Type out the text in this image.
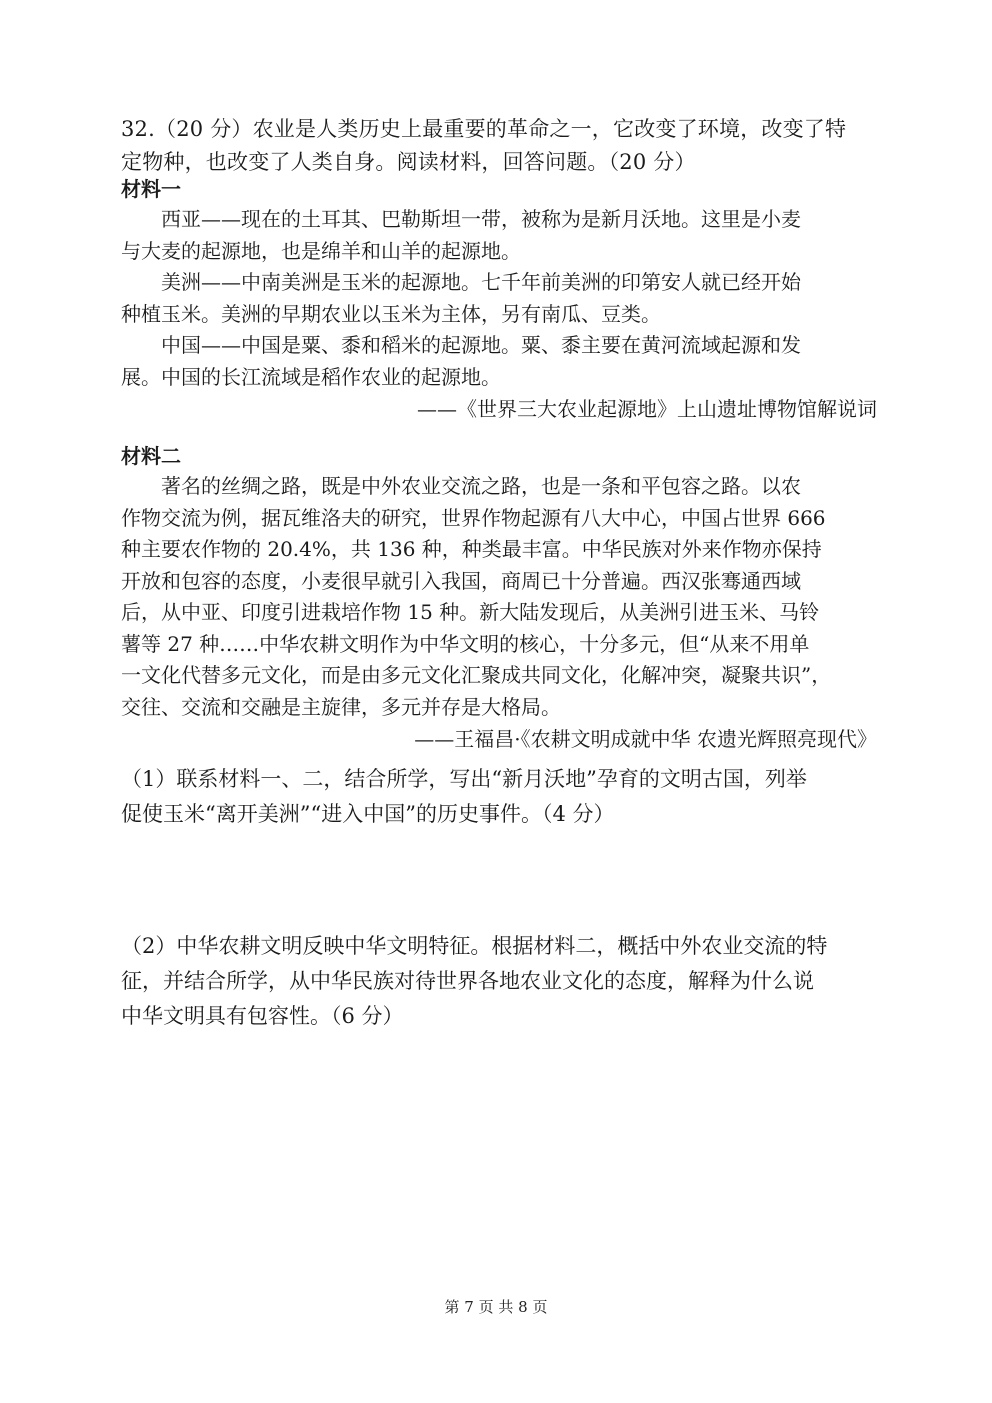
32.（20 分）农业是人类历史上最重要的革命之一，它改变了环境，改变了特
定物种，也改变了人类自身。阅读材料，回答问题。（20 分）
材料一
西亚——现在的土耳其、巴勒斯坦一带，被称为是新月沃地。这里是小麦
与大麦的起源地，也是绵羊和山羊的起源地。
美洲——中南美洲是玉米的起源地。七千年前美洲的印第安人就已经开始
种植玉米。美洲的早期农业以玉米为主体，另有南瓜、豆类。
中国——中国是粟、黍和稻米的起源地。粟、黍主要在黄河流域起源和发
展。中国的长江流域是稻作农业的起源地。
——《世界三大农业起源地》上山遗址博物馆解说词
材料二
著名的丝绸之路，既是中外农业交流之路，也是一条和平包容之路。以农
作物交流为例，据瓦维洛夫的研究，世界作物起源有八大中心，中国占世界 666
种主要农作物的 20.4%，共 136 种，种类最丰富。中华民族对外来作物亦保持
开放和包容的态度，小麦很早就引入我国，商周已十分普遍。西汉张骞通西域
后，从中亚、印度引进栽培作物 15 种。新大陆发现后，从美洲引进玉米、马铃
薯等 27 种……中华农耕文明作为中华文明的核心，十分多元，但“从来不用单
一文化代替多元文化，而是由多元文化汇聚成共同文化，化解冲突，凝聚共识”，
交往、交流和交融是主旋律，多元并存是大格局。
——王福昌·《农耕文明成就中华 农遗光辉照亮现代》
（1）联系材料一、二，结合所学，写出“新月沃地”孕育的文明古国，列举
促使玉米“离开美洲”“进入中国”的历史事件。（4 分）
（2）中华农耕文明反映中华文明特征。根据材料二，概括中外农业交流的特
征，并结合所学，从中华民族对待世界各地农业文化的态度，解释为什么说
中华文明具有包容性。（6 分）
第 7 页 共 8 页
